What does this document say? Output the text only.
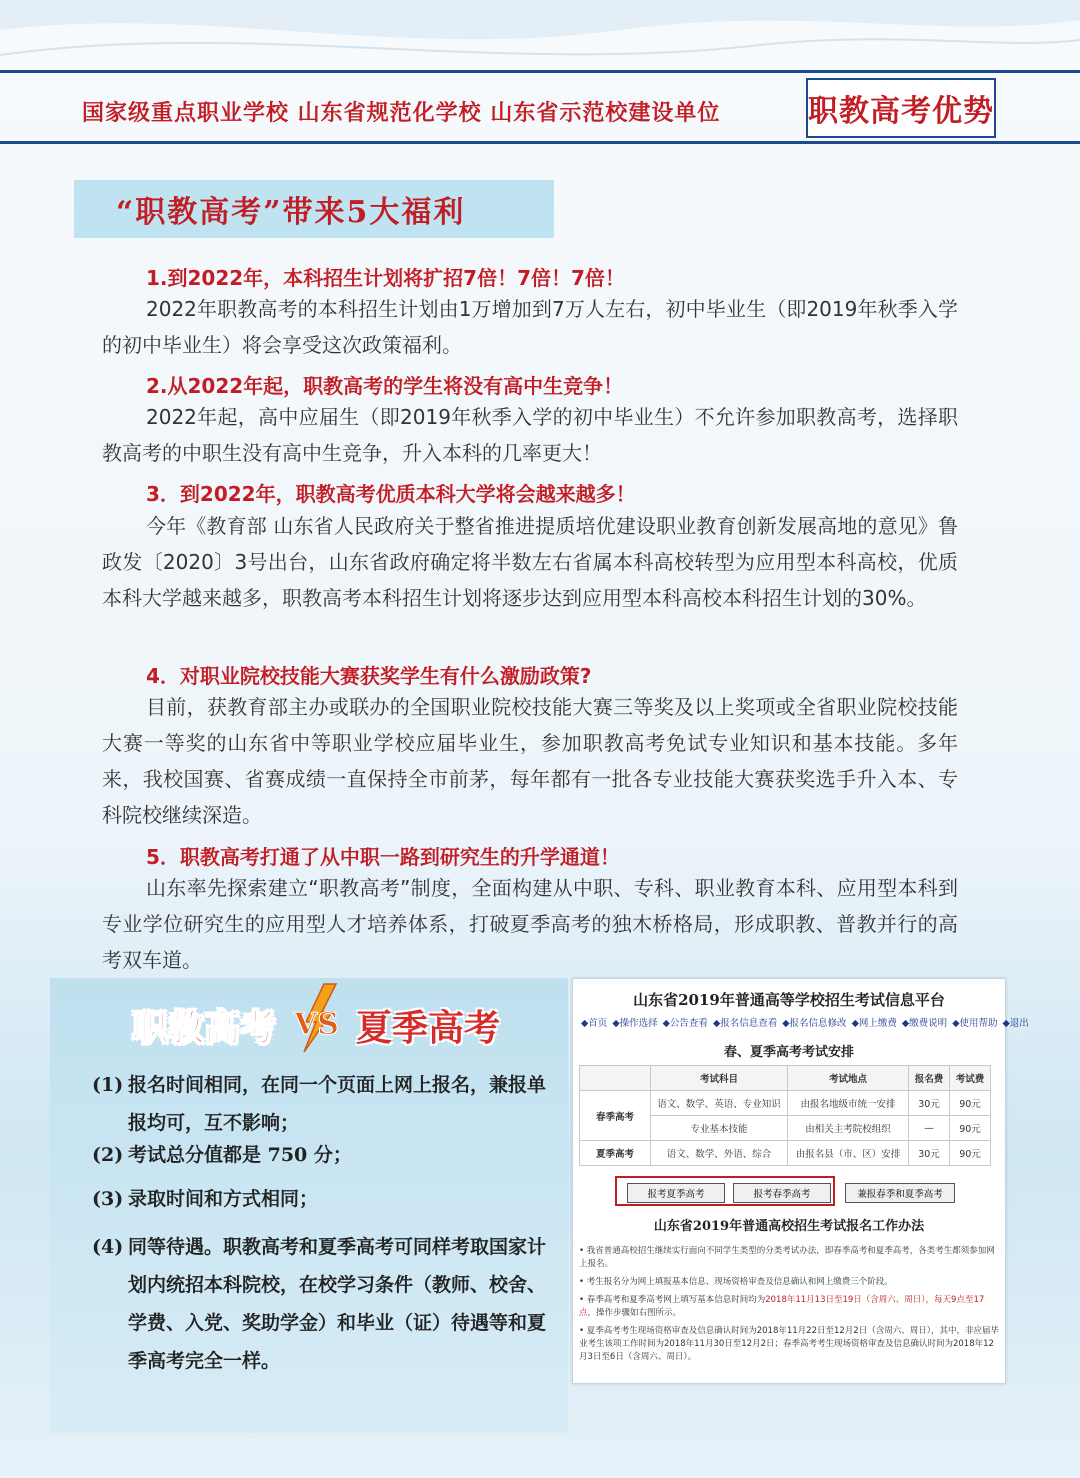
国家级重点职业学校 山东省规范化学校 山东省示范校建设单位	职教高考优势
“职教高考”带来5大福利
1.到2022年，本科招生计划将扩招7倍！7倍！7倍！

2022年职教高考的本科招生计划由1万增加到7万人左右，初中毕业生（即2019年秋季入学的初中毕业生）将会享受这次政策福利。

2.从2022年起，职教高考的学生将没有高中生竞争！

2022年起，高中应届生（即2019年秋季入学的初中毕业生）不允许参加职教高考，选择职教高考的中职生没有高中生竞争，升入本科的几率更大！

3．到2022年，职教高考优质本科大学将会越来越多！

今年《教育部 山东省人民政府关于整省推进提质培优建设职业教育创新发展高地的意见》鲁政发〔2020〕3号出台，山东省政府确定将半数左右省属本科高校转型为应用型本科高校，优质本科大学越来越多，职教高考本科招生计划将逐步达到应用型本科高校本科招生计划的30%。

4．对职业院校技能大赛获奖学生有什么激励政策?

目前，获教育部主办或联办的全国职业院校技能大赛三等奖及以上奖项或全省职业院校技能大赛一等奖的山东省中等职业学校应届毕业生，参加职教高考免试专业知识和基本技能。多年来，我校国赛、省赛成绩一直保持全市前茅，每年都有一批各专业技能大赛获奖选手升入本、专科院校继续深造。

5．职教高考打通了从中职一路到研究生的升学通道！

山东率先探索建立“职教高考”制度，全面构建从中职、专科、职业教育本科、应用型本科到专业学位研究生的应用型人才培养体系，打破夏季高考的独木桥格局，形成职教、普教并行的高考双车道。

职教高考 VS 夏季高考
(1) 报名时间相同，在同一个页面上网上报名，兼报单报均可，互不影响；
(2) 考试总分值都是 750 分；
(3) 录取时间和方式相同；
(4) 同等待遇。职教高考和夏季高考可同样考取国家计划内统招本科院校，在校学习条件（教师、校舍、学费、入党、奖助学金）和毕业（证）待遇等和夏季高考完全一样。
山东省2019年普通高等学校招生考试信息平台
◆首页 ◆操作选择 ◆公告查看 ◆报名信息查看 ◆报名信息修改 ◆网上缴费 ◆缴费说明 ◆使用帮助 ◆退出
春、夏季高考考试安排
	考试科目	考试地点	报名费	考试费
春季高考	语文、数学、英语、专业知识	由报名地级市统一安排	30元	90元
	专业基本技能	由相关主考院校组织	—	90元
夏季高考	语文、数学、外语、综合	由报名县（市、区）安排	30元	90元
报考夏季高考	报考春季高考	兼报春季和夏季高考
山东省2019年普通高校招生考试报名工作办法

• 我省普通高校招生继续实行面向不同学生类型的分类考试办法，即春季高考和夏季高考，各类考生都须参加网上报名。

• 考生报名分为网上填报基本信息、现场资格审查及信息确认和网上缴费三个阶段。

• 春季高考和夏季高考网上填写基本信息时间均为2018年11月13日至19日（含周六、周日），每天9点至17点，操作步骤如右图所示。

• 夏季高考考生现场资格审查及信息确认时间为2018年11月22日至12月2日（含周六、周日），其中，非应届毕业考生该项工作时间为2018年11月30日至12月2日；春季高考考生现场资格审查及信息确认时间为2018年12月3日至6日（含周六、周日）。
